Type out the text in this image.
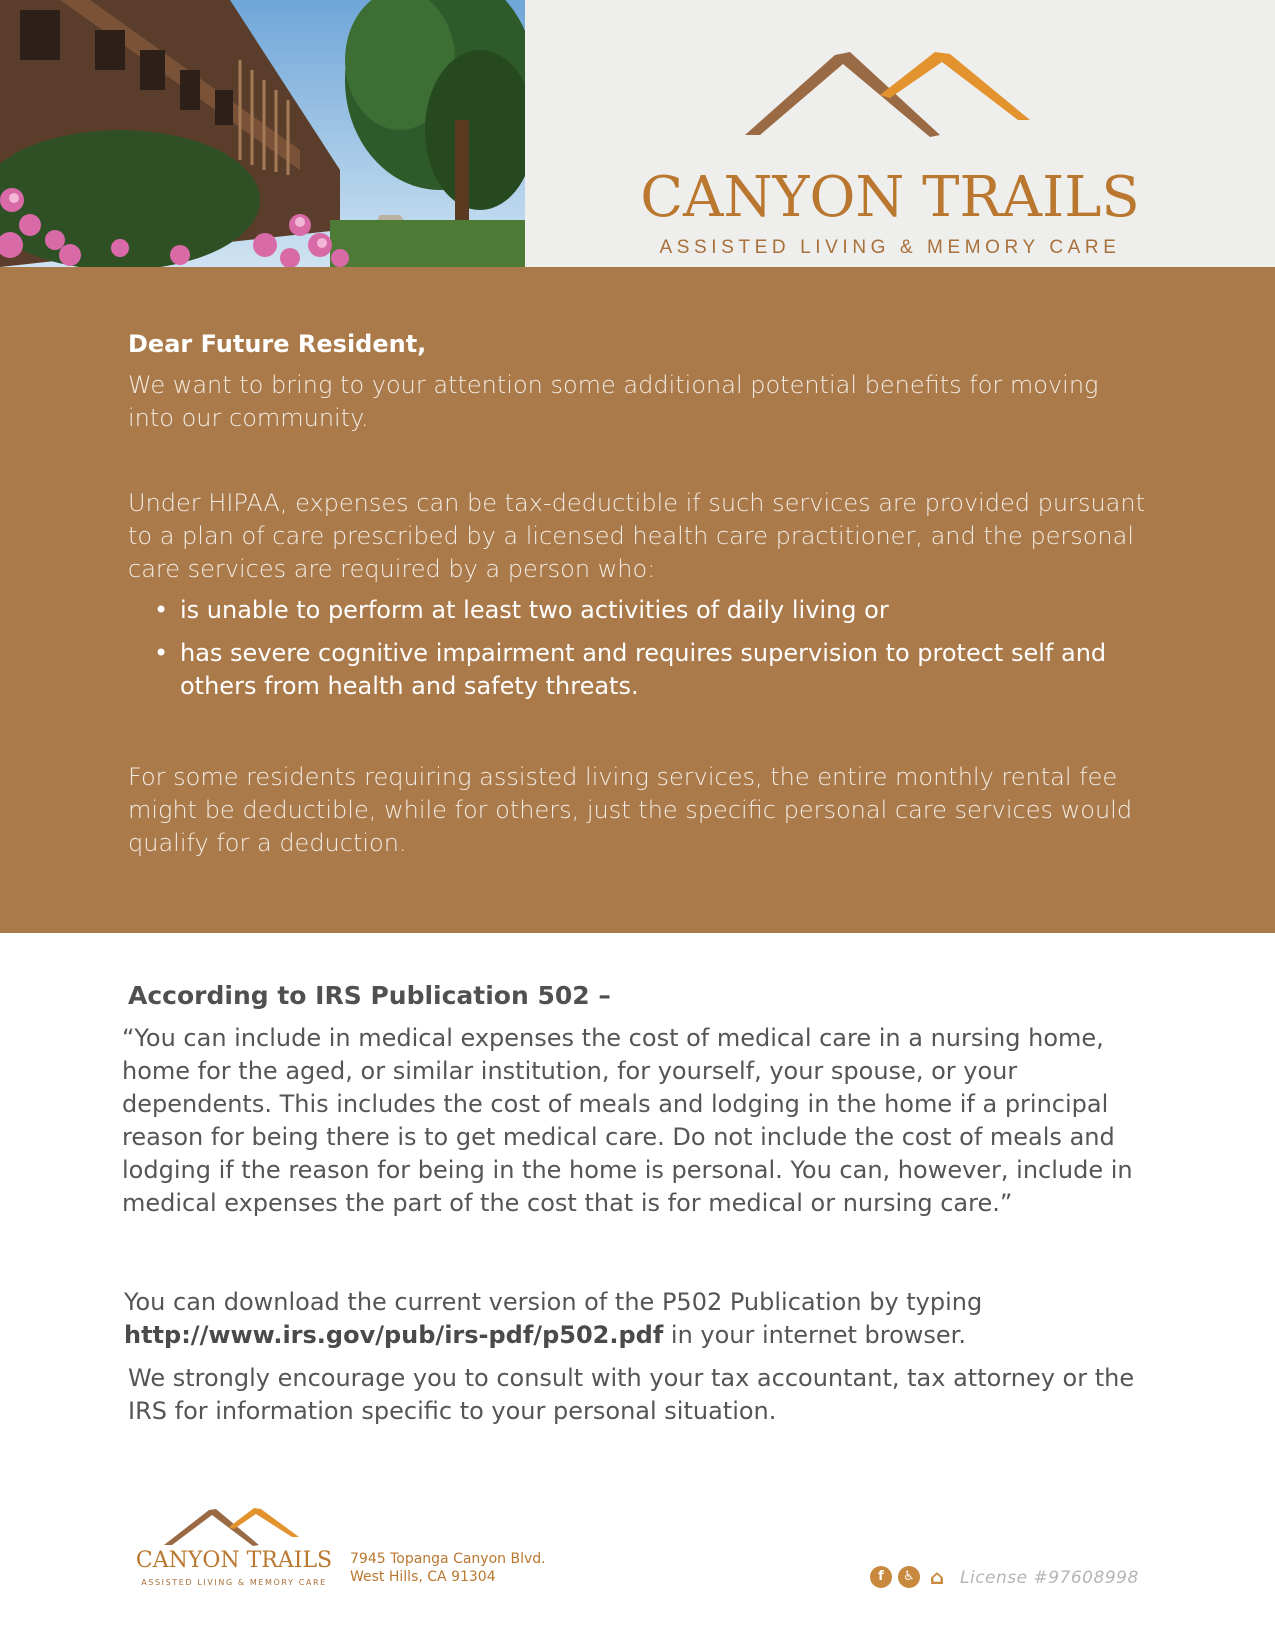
CANYON TRAILS
ASSISTED LIVING & MEMORY CARE
Dear Future Resident,

We want to bring to your attention some additional potential benefits for moving into our community.

Under HIPAA, expenses can be tax-deductible if such services are provided pursuant to a plan of care prescribed by a licensed health care practitioner, and the personal care services are required by a person who:

• is unable to perform at least two activities of daily living or
• has severe cognitive impairment and requires supervision to protect self and others from health and safety threats.

For some residents requiring assisted living services, the entire monthly rental fee might be deductible, while for others, just the specific personal care services would qualify for a deduction.

According to IRS Publication 502 –

“You can include in medical expenses the cost of medical care in a nursing home, home for the aged, or similar institution, for yourself, your spouse, or your dependents. This includes the cost of meals and lodging in the home if a principal reason for being there is to get medical care. Do not include the cost of meals and lodging if the reason for being in the home is personal. You can, however, include in medical expenses the part of the cost that is for medical or nursing care.”

You can download the current version of the P502 Publication by typing
http://www.irs.gov/pub/irs-pdf/p502.pdf in your internet browser.

We strongly encourage you to consult with your tax accountant, tax attorney or the IRS for information specific to your personal situation.

CANYON TRAILS
ASSISTED LIVING & MEMORY CARE
7945 Topanga Canyon Blvd.
West Hills, CA 91304	f	♿ ⌂ License #97608998
